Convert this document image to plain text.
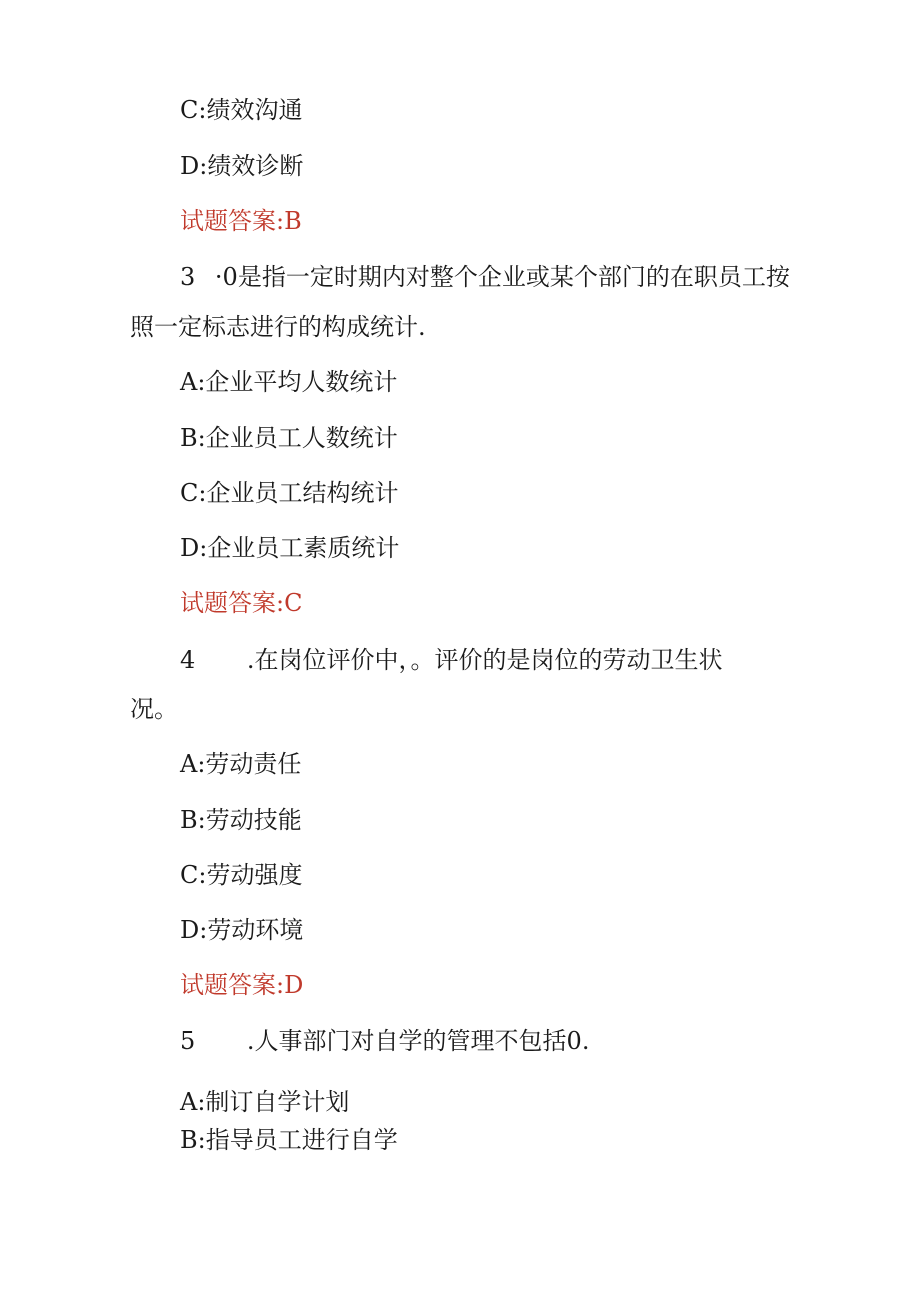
C:绩效沟通

D:绩效诊断

试题答案:B

3 ·0是指一定时期内对整个企业或某个部门的在职员工按

照一定标志进行的构成统计.

A:企业平均人数统计

B:企业员工人数统计

C:企业员工结构统计

D:企业员工素质统计

试题答案:C

4 .在岗位评价中，。评价的是岗位的劳动卫生状

况。

A:劳动责任

B:劳动技能

C:劳动强度

D:劳动环境

试题答案:D

5 .人事部门对自学的管理不包括0.

A:制订自学计划

B:指导员工进行自学
